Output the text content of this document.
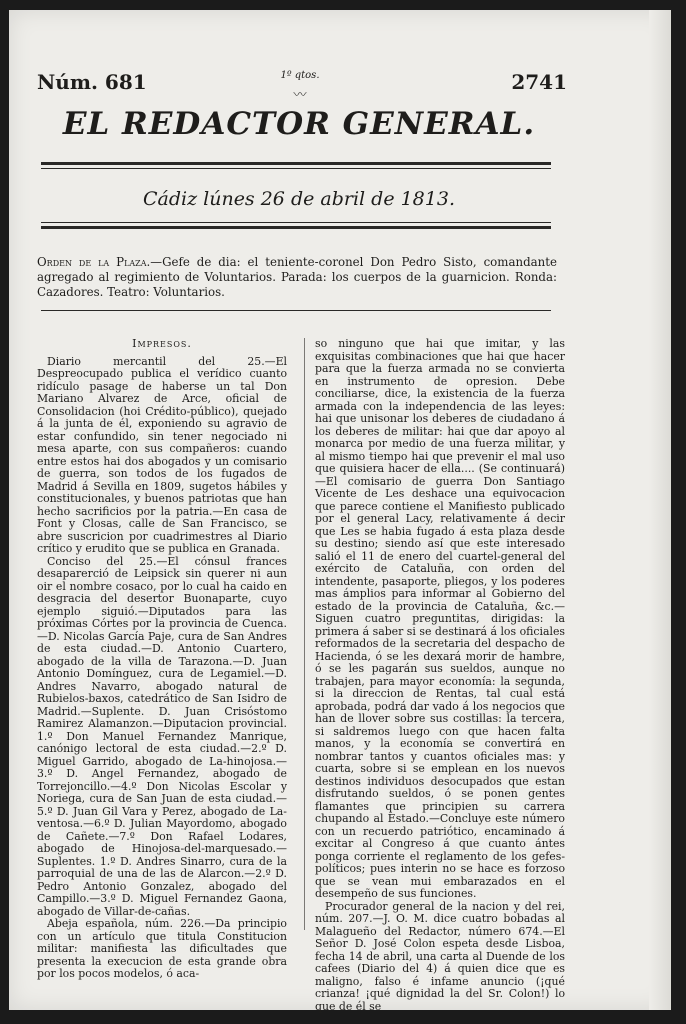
Núm. 681	1º qtos.
〰
2741
EL REDACTOR GENERAL.
Cádiz lúnes 26 de abril de 1813.
Orden de la Plaza.—Gefe de dia: el teniente-coronel Don Pedro Sisto, comandante agregado al regimiento de Voluntarios. Parada: los cuerpos de la guarnicion. Ronda: Cazadores. Teatro: Voluntarios.
Impresos.

Diario mercantil del 25.—El Despreocupado publica el verídico cuanto ridículo pasage de haberse un tal Don Mariano Alvarez de Arce, oficial de Consolidacion (hoi Crédito-público), quejado á la junta de él, exponiendo su agravio de estar confundido, sin tener negociado ni mesa aparte, con sus compañeros: cuando entre estos hai dos abogados y un comisario de guerra, son todos de los fugados de Madrid á Sevilla en 1809, sugetos hábiles y constitucionales, y buenos patriotas que han hecho sacrificios por la patria.—En casa de Font y Closas, calle de San Francisco, se abre suscricion por cuadrimestres al Diario crítico y erudito que se publica en Granada.

Conciso del 25.—El cónsul frances desaparerció de Leipsick sin querer ni aun oir el nombre cosaco, por lo cual ha caido en desgracia del desertor Buonaparte, cuyo ejemplo siguió.—Diputados para las próximas Córtes por la provincia de Cuenca.—D. Nicolas García Paje, cura de San Andres de esta ciudad.—D. Antonio Cuartero, abogado de la villa de Tarazona.—D. Juan Antonio Domínguez, cura de Legamiel.—D. Andres Navarro, abogado natural de Rubielos-baxos, catedrático de San Isidro de Madrid.—Suplente. D. Juan Crisóstomo Ramirez Alamanzon.—Diputacion provincial. 1.º Don Manuel Fernandez Manrique, canónigo lectoral de esta ciudad.—2.º D. Miguel Garrido, abogado de La-hinojosa.—3.º D. Angel Fernandez, abogado de Torrejoncillo.—4.º Don Nicolas Escolar y Noriega, cura de San Juan de esta ciudad.—5.º D. Juan Gil Vara y Perez, abogado de La-ventosa.—6.º D. Julian Mayordomo, abogado de Cañete.—7.º Don Rafael Lodares, abogado de Hinojosa-del-marquesado.—Suplentes. 1.º D. Andres Sinarro, cura de la parroquial de una de las de Alarcon.—2.º D. Pedro Antonio Gonzalez, abogado del Campillo.—3.º D. Miguel Fernandez Gaona, abogado de Villar-de-cañas.

Abeja española, núm. 226.—Da principio con un artículo que titula Constitucion militar: manifiesta las dificultades que presenta la execucion de esta grande obra por los pocos modelos, ó aca-

so ninguno que hai que imitar, y las exquisitas combinaciones que hai que hacer para que la fuerza armada no se convierta en instrumento de opresion. Debe conciliarse, dice, la existencia de la fuerza armada con la independencia de las leyes: hai que unisonar los deberes de ciudadano á los deberes de militar: hai que dar apoyo al monarca por medio de una fuerza militar, y al mismo tiempo hai que prevenir el mal uso que quisiera hacer de ella.... (Se continuará)—El comisario de guerra Don Santiago Vicente de Les deshace una equivocacion que parece contiene el Manifiesto publicado por el general Lacy, relativamente á decir que Les se habia fugado á esta plaza desde su destino; siendo así que este interesado salió el 11 de enero del cuartel-general del exército de Cataluña, con orden del intendente, pasaporte, pliegos, y los poderes mas ámplios para informar al Gobierno del estado de la provincia de Cataluña, &c.—Siguen cuatro preguntitas, dirigidas: la primera á saber si se destinará á los oficiales reformados de la secretaria del despacho de Hacienda, ó se les dexará morir de hambre, ó se les pagarán sus sueldos, aunque no trabajen, para mayor economía: la segunda, si la direccion de Rentas, tal cual está aprobada, podrá dar vado á los negocios que han de llover sobre sus costillas: la tercera, si saldremos luego con que hacen falta manos, y la economía se convertirá en nombrar tantos y cuantos oficiales mas: y cuarta, sobre si se emplean en los nuevos destinos individuos desocupados que estan disfrutando sueldos, ó se ponen gentes flamantes que principien su carrera chupando al Estado.—Concluye este número con un recuerdo patriótico, encaminado á excitar al Congreso á que cuanto ántes ponga corriente el reglamento de los gefes-políticos; pues interin no se hace es forzoso que se vean mui embarazados en el desempeño de sus funciones.

Procurador general de la nacion y del rei, núm. 207.—J. O. M. dice cuatro bobadas al Malagueño del Redactor, número 674.—El Señor D. José Colon espeta desde Lisboa, fecha 14 de abril, una carta al Duende de los cafees (Diario del 4) á quien dice que es maligno, falso é infame anuncio (¡qué crianza! ¡qué dignidad la del Sr. Colon!) lo que de él se
